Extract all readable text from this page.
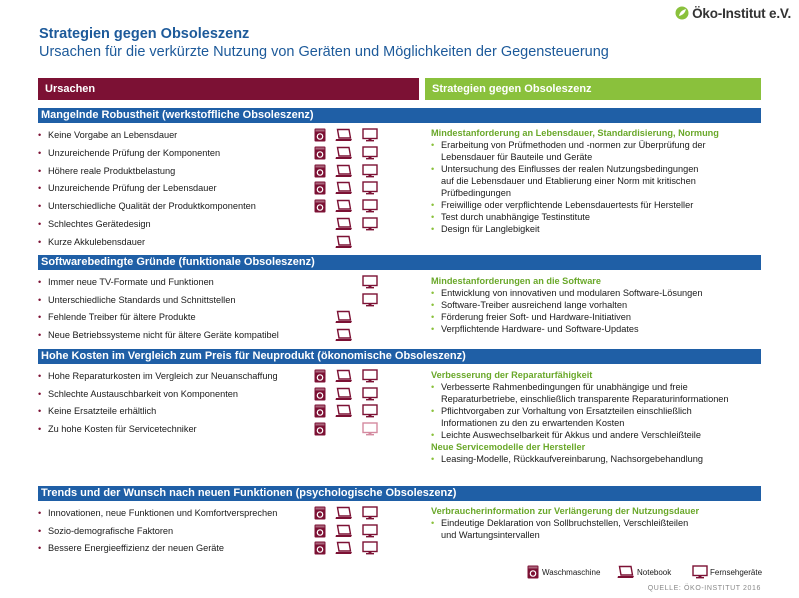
Strategien gegen Obsoleszenz
Ursachen für die verkürzte Nutzung von Geräten und Möglichkeiten der Gegensteuerung
Öko-Institut e.V.
Ursachen	Strategien gegen Obsoleszenz
Mangelnde Robustheit (werkstoffliche Obsoleszenz)
• Keine Vorgabe an Lebensdauer
• Unzureichende Prüfung der Komponenten
• Höhere reale Produktbelastung
• Unzureichende Prüfung der Lebensdauer
• Unterschiedliche Qualität der Produktkomponenten
• Schlechtes Gerätedesign
• Kurze Akkulebensdauer
Mindestanforderung an Lebensdauer, Standardisierung, Normung
• Erarbeitung von Prüfmethoden und -normen zur Überprüfung der
Lebensdauer für Bauteile und Geräte
• Untersuchung des Einflusses der realen Nutzungsbedingungen
auf die Lebensdauer und Etablierung einer Norm mit kritischen
Prüfbedingungen
• Freiwillige oder verpflichtende Lebensdauertests für Hersteller
• Test durch unabhängige Testinstitute
• Design für Langlebigkeit
Softwarebedingte Gründe (funktionale Obsoleszenz)
• Immer neue TV-Formate und Funktionen
• Unterschiedliche Standards und Schnittstellen
• Fehlende Treiber für ältere Produkte
• Neue Betriebssysteme nicht für ältere Geräte kompatibel
Mindestanforderungen an die Software
• Entwicklung von innovativen und modularen Software-Lösungen
• Software-Treiber ausreichend lange vorhalten
• Förderung freier Soft- und Hardware-Initiativen
• Verpflichtende Hardware- und Software-Updates
Hohe Kosten im Vergleich zum Preis für Neuprodukt (ökonomische Obsoleszenz)
• Hohe Reparaturkosten im Vergleich zur Neuanschaffung
• Schlechte Austauschbarkeit von Komponenten
• Keine Ersatzteile erhältlich
• Zu hohe Kosten für Servicetechniker
Verbesserung der Reparaturfähigkeit
• Verbesserte Rahmenbedingungen für unabhängige und freie
Reparaturbetriebe, einschließlich transparente Reparaturinformationen
• Pflichtvorgaben zur Vorhaltung von Ersatzteilen einschließlich
Informationen zu den zu erwartenden Kosten
• Leichte Auswechselbarkeit für Akkus und andere Verschleißteile
Neue Servicemodelle der Hersteller
• Leasing-Modelle, Rückkaufvereinbarung, Nachsorgebehandlung
Trends und der Wunsch nach neuen Funktionen (psychologische Obsoleszenz)
• Innovationen, neue Funktionen und Komfortversprechen
• Sozio-demografische Faktoren
• Bessere Energieeffizienz der neuen Geräte
Verbraucherinformation zur Verlängerung der Nutzungsdauer
• Eindeutige Deklaration von Sollbruchstellen, Verschleißteilen
und Wartungsintervallen
Waschmaschine	Notebook	Fernsehgeräte
QUELLE: ÖKO-INSTITUT 2016
